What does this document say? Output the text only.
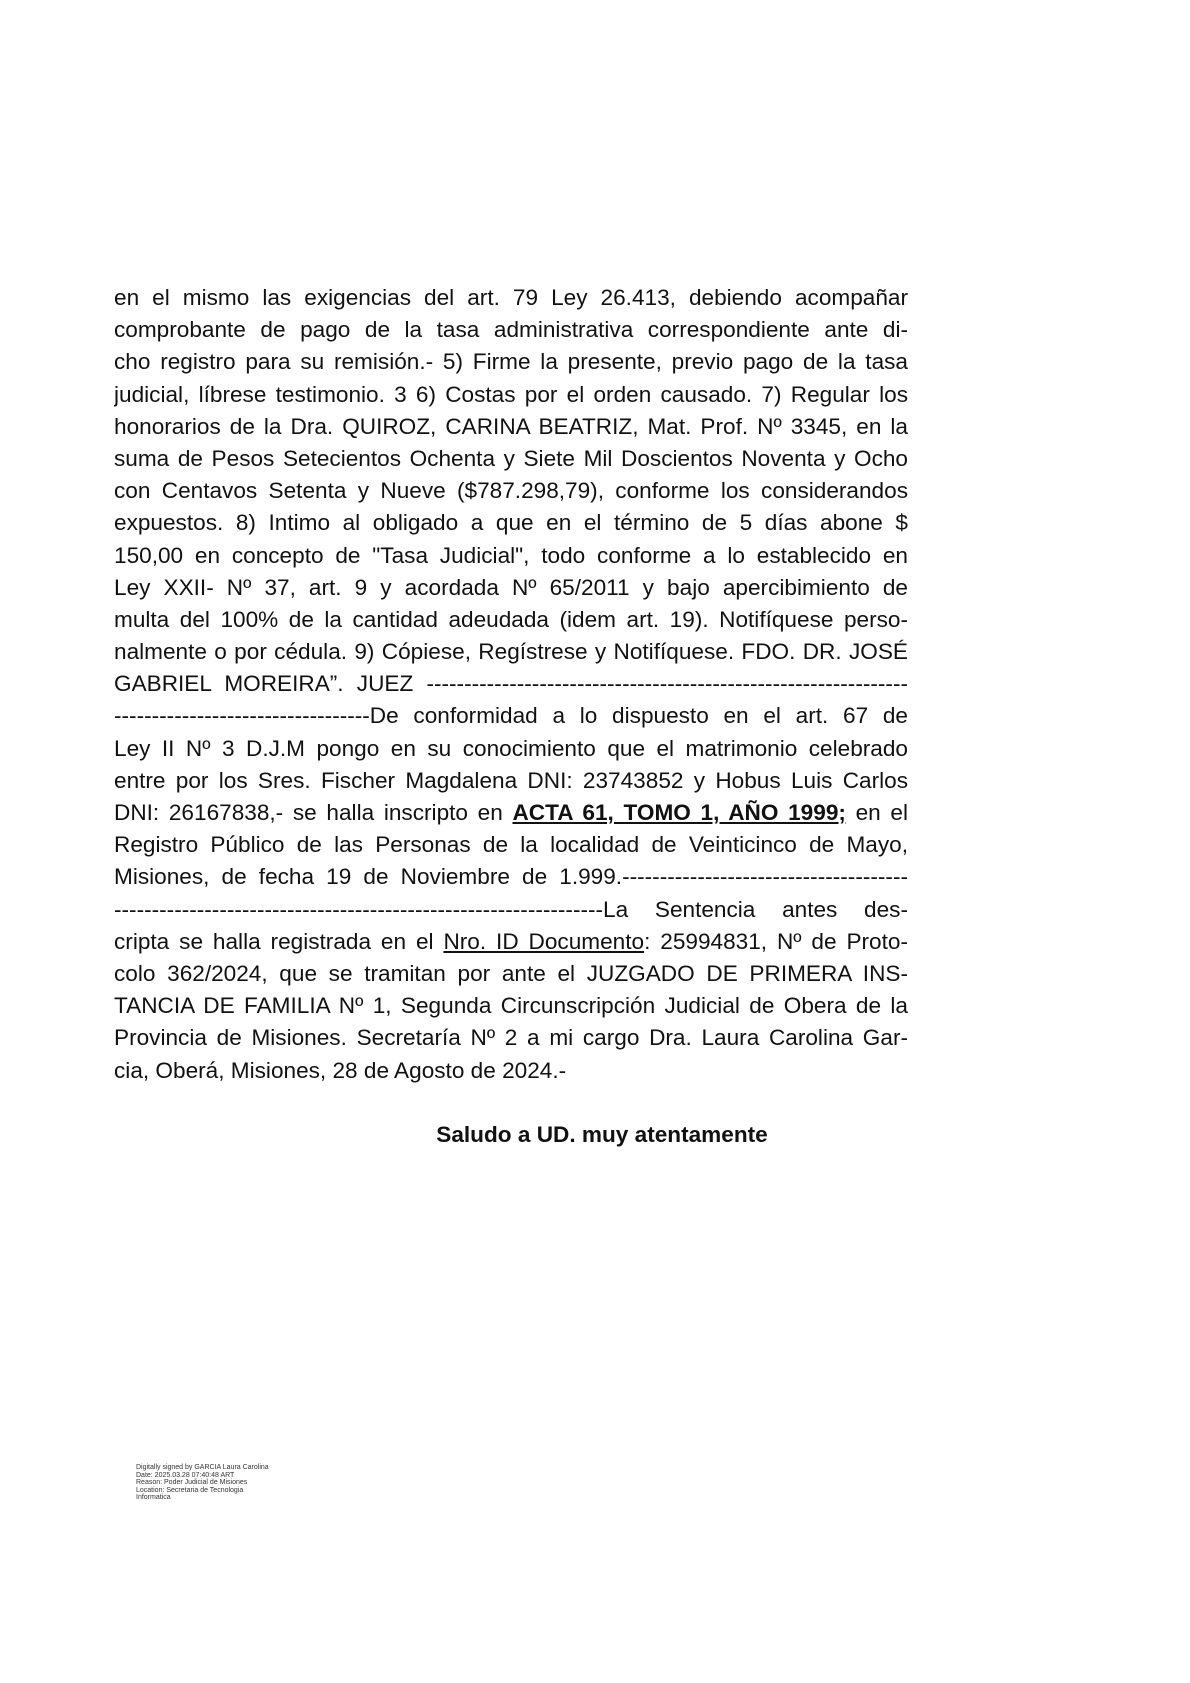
en el mismo las exigencias del art. 79 Ley 26.413, debiendo acompañar
comprobante de pago de la tasa administrativa correspondiente ante di-
cho registro para su remisión.- 5) Firme la presente, previo pago de la tasa
judicial, líbrese testimonio. 3 6) Costas por el orden causado. 7) Regular los
honorarios de la Dra. QUIROZ, CARINA BEATRIZ, Mat. Prof. Nº 3345, en la
suma de Pesos Setecientos Ochenta y Siete Mil Doscientos Noventa y Ocho
con Centavos Setenta y Nueve ($787.298,79), conforme los considerandos
expuestos. 8) Intimo al obligado a que en el término de 5 días abone $
150,00 en concepto de "Tasa Judicial", todo conforme a lo establecido en
Ley XXII- Nº 37, art. 9 y acordada Nº 65/2011 y bajo apercibimiento de
multa del 100% de la cantidad adeudada (idem art. 19). Notifíquese perso-
nalmente o por cédula. 9) Cópiese, Regístrese y Notifíquese. FDO. DR. JOSÉ
GABRIEL MOREIRA”. JUEZ ----------------------------------------------------------------
----------------------------------De conformidad a lo dispuesto en el art. 67 de
Ley II Nº 3 D.J.M pongo en su conocimiento que el matrimonio celebrado
entre por los Sres. Fischer Magdalena DNI: 23743852 y Hobus Luis Carlos
DNI: 26167838,- se halla inscripto en ACTA 61, TOMO 1, AÑO 1999; en el
Registro Público de las Personas de la localidad de Veinticinco de Mayo,
Misiones, de fecha 19 de Noviembre de 1.999.--------------------------------------
-----------------------------------------------------------------La Sentencia antes des-
cripta se halla registrada en el Nro. ID Documento: 25994831, Nº de Proto-
colo 362/2024, que se tramitan por ante el JUZGADO DE PRIMERA INS-
TANCIA DE FAMILIA Nº 1, Segunda Circunscripción Judicial de Obera de la
Provincia de Misiones. Secretaría Nº 2 a mi cargo Dra. Laura Carolina Gar-
cia, Oberá, Misiones, 28 de Agosto de 2024.-
Saludo a UD. muy atentamente
Digitally signed by GARCIA Laura Carolina
Date: 2025.03.28 07:40:48 ART
Reason: Poder Judicial de Misiones
Location: Secretaria de Tecnologia
Informatica
